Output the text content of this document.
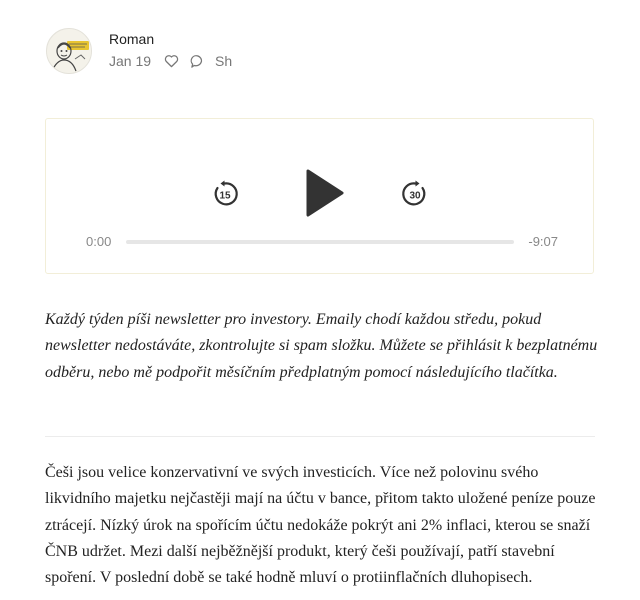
Roman
Jan 19	Sh
15	30
0:00	-9:07
Každý týden píši newsletter pro investory. Emaily chodí každou středu, pokud newsletter nedostáváte, zkontrolujte si spam složku. Můžete se přihlásit k bezplatnému odběru, nebo mě podpořit měsíčním předplatným pomocí následujícího tlačítka.

Češi jsou velice konzervativní ve svých investicích. Více než polovinu svého likvidního majetku nejčastěji mají na účtu v bance, přitom takto uložené peníze pouze ztrácejí. Nízký úrok na spořícím účtu nedokáže pokrýt ani 2% inflaci, kterou se snaží ČNB udržet. Mezi další nejběžnější produkt, který češi používají, patří stavební spoření. V poslední době se také hodně mluví o protiinflačních dluhopisech.
